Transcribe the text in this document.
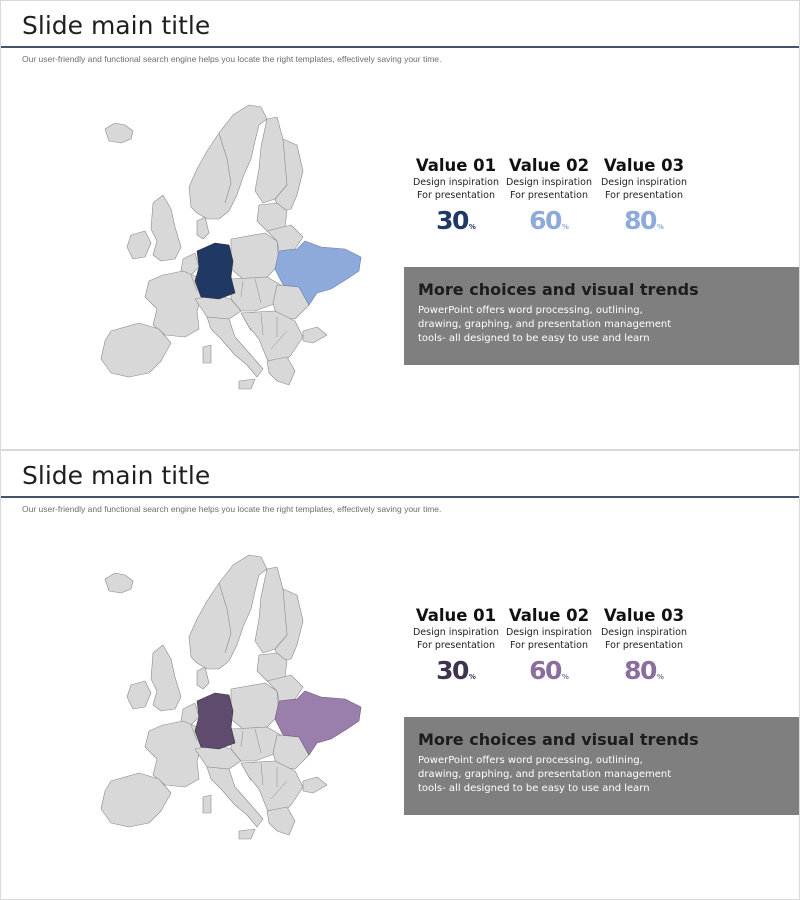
Slide main title
Our user-friendly and functional search engine helps you locate the right templates, effectively saving your time.
Value 01
Design inspiration
For presentation
30%
Value 02
Design inspiration
For presentation
60%
Value 03
Design inspiration
For presentation
80%
More choices and visual trends
PowerPoint offers word processing, outlining, drawing, graphing, and presentation management tools- all designed to be easy to use and learn
Slide main title
Our user-friendly and functional search engine helps you locate the right templates, effectively saving your time.
Value 01
Design inspiration
For presentation
30%
Value 02
Design inspiration
For presentation
60%
Value 03
Design inspiration
For presentation
80%
More choices and visual trends
PowerPoint offers word processing, outlining, drawing, graphing, and presentation management tools- all designed to be easy to use and learn
